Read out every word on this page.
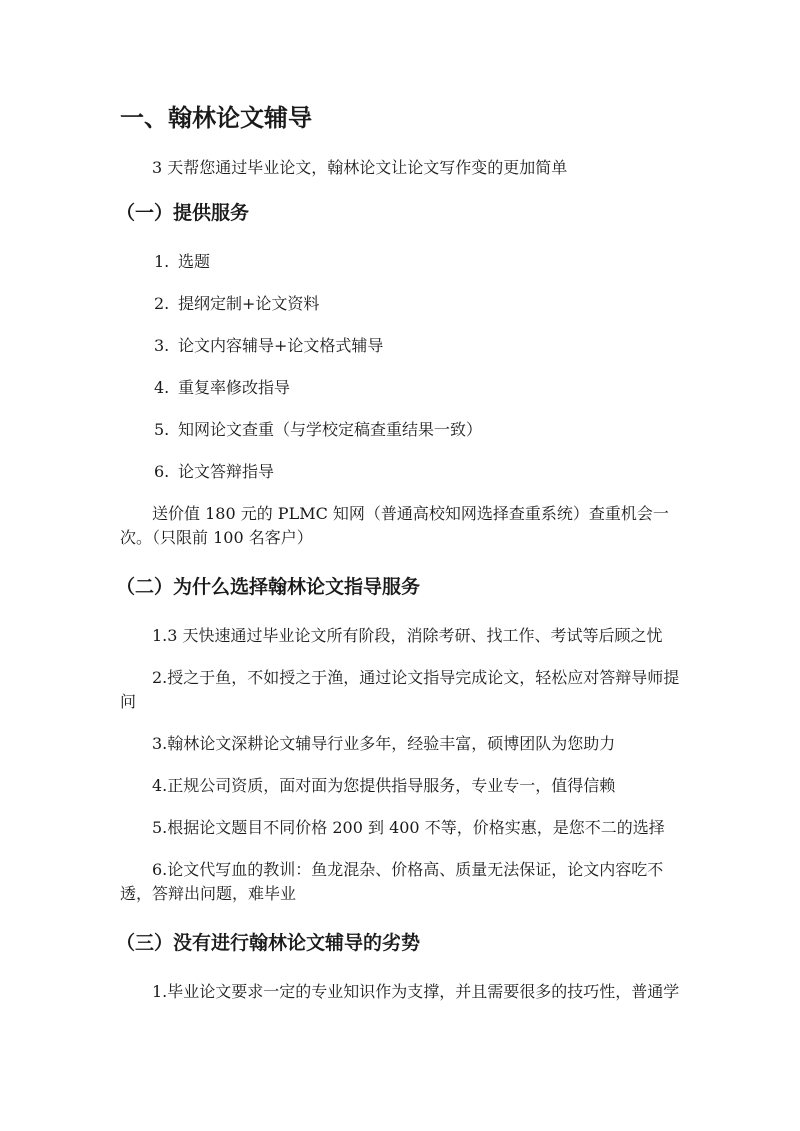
一、翰林论文辅导

3 天帮您通过毕业论文，翰林论文让论文写作变的更加简单

（一）提供服务
1. 选题
2. 提纲定制+论文资料
3. 论文内容辅导+论文格式辅导
4. 重复率修改指导
5. 知网论文查重（与学校定稿查重结果一致）
6. 论文答辩指导

送价值 180 元的 PLMC 知网（普通高校知网选择查重系统）查重机会一次。（只限前 100 名客户）

（二）为什么选择翰林论文指导服务

1.3 天快速通过毕业论文所有阶段，消除考研、找工作、考试等后顾之忧

2.授之于鱼，不如授之于渔，通过论文指导完成论文，轻松应对答辩导师提问

3.翰林论文深耕论文辅导行业多年，经验丰富，硕博团队为您助力

4.正规公司资质，面对面为您提供指导服务，专业专一，值得信赖

5.根据论文题目不同价格 200 到 400 不等，价格实惠，是您不二的选择

6.论文代写血的教训：鱼龙混杂、价格高、质量无法保证，论文内容吃不透，答辩出问题，难毕业

（三）没有进行翰林论文辅导的劣势

1.毕业论文要求一定的专业知识作为支撑，并且需要很多的技巧性，普通学
